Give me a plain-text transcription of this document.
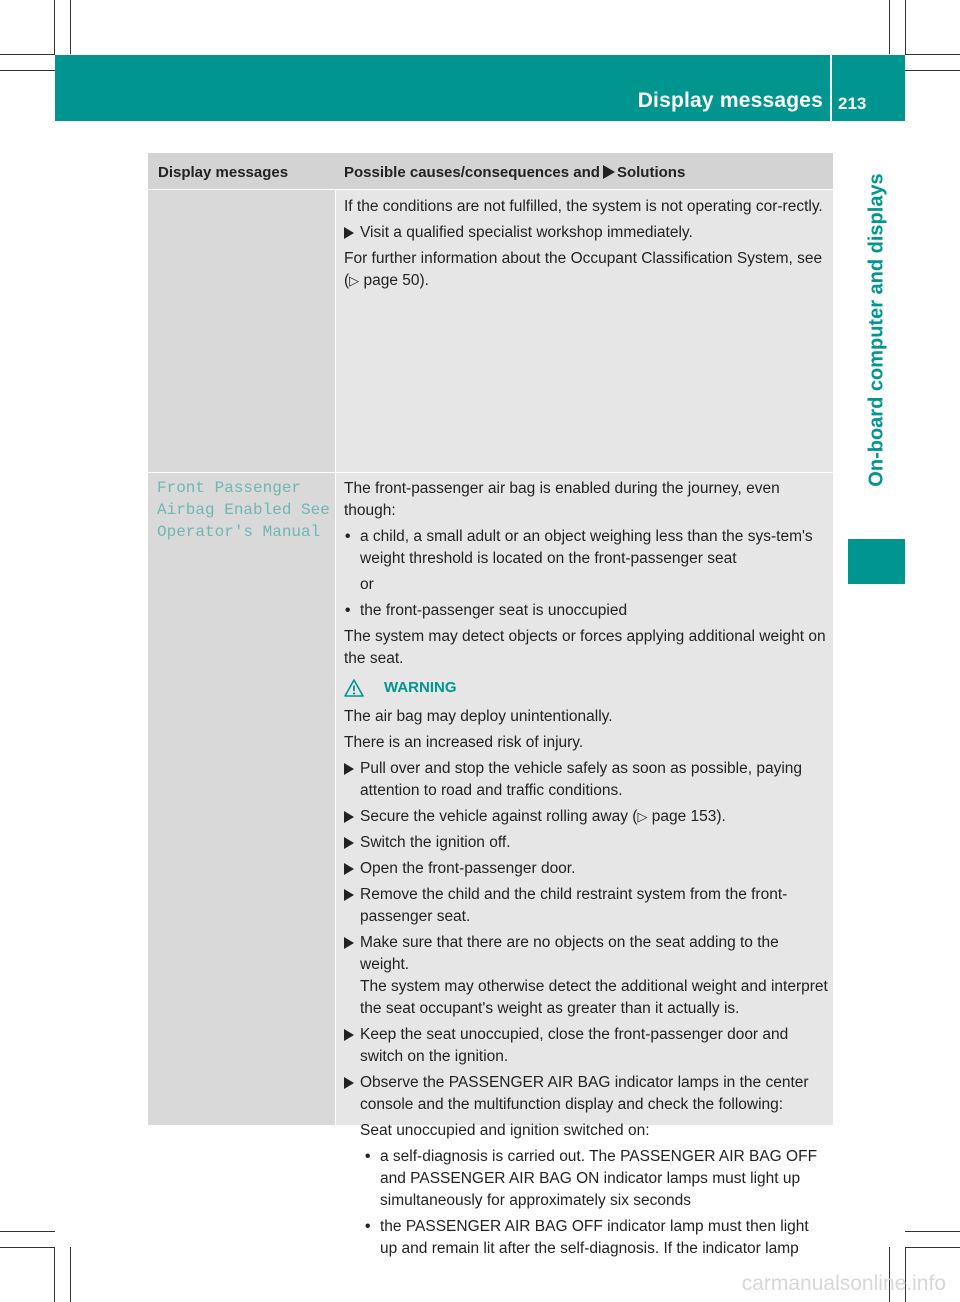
Display messages 213
On-board computer and displays
Display messages	Possible causes/consequences and Solutions

If the conditions are not fulfilled, the system is not operating cor-rectly.

Visit a qualified specialist workshop immediately.

For further information about the Occupant Classification System, see (▷ page 50).

Front Passenger
Airbag Enabled See
Operator's Manual

The front-passenger air bag is enabled during the journey, even though:

• a child, a small adult or an object weighing less than the sys-tem's weight threshold is located on the front-passenger seat
or
• the front-passenger seat is unoccupied

The system may detect objects or forces applying additional weight on the seat.

WARNING

The air bag may deploy unintentionally.

There is an increased risk of injury.

Pull over and stop the vehicle safely as soon as possible, paying attention to road and traffic conditions.
Secure the vehicle against rolling away (▷ page 153).
Switch the ignition off.
Open the front-passenger door.
Remove the child and the child restraint system from the front-passenger seat.
Make sure that there are no objects on the seat adding to the weight.
The system may otherwise detect the additional weight and interpret the seat occupant's weight as greater than it actually is.
Keep the seat unoccupied, close the front-passenger door and switch on the ignition.
Observe the PASSENGER AIR BAG indicator lamps in the center console and the multifunction display and check the following:
Seat unoccupied and ignition switched on:
• a self-diagnosis is carried out. The PASSENGER AIR BAG OFF and PASSENGER AIR BAG ON indicator lamps must light up simultaneously for approximately six seconds
• the PASSENGER AIR BAG OFF indicator lamp must then light up and remain lit after the self-diagnosis. If the indicator lamp
carmanualsonline.info
